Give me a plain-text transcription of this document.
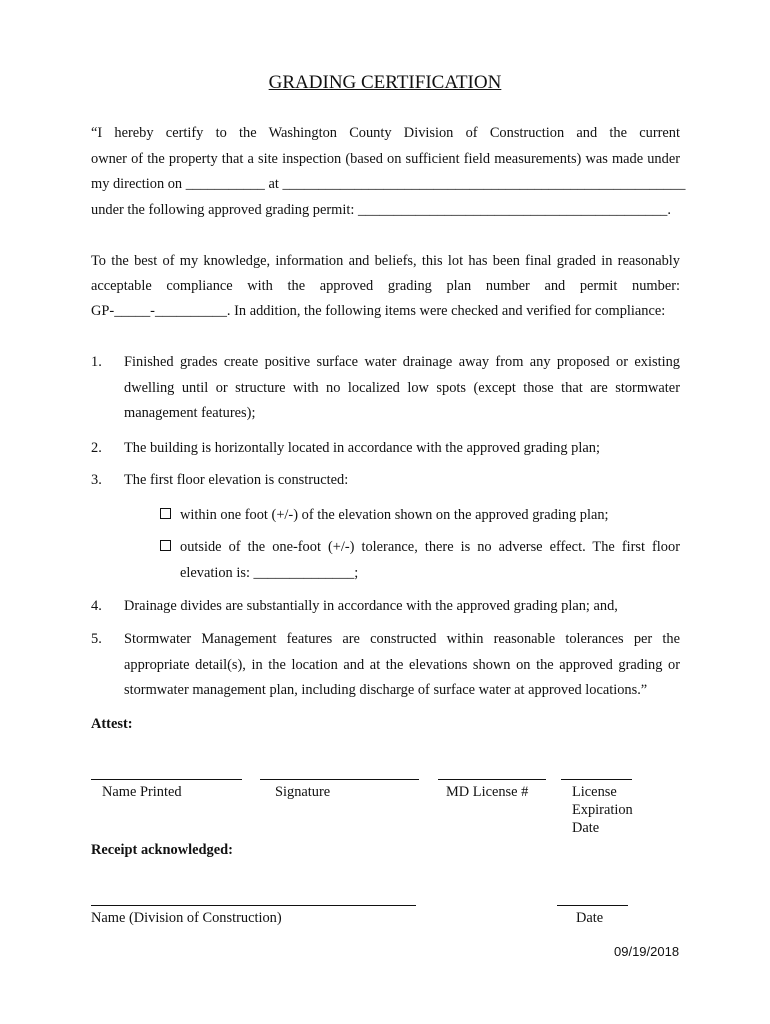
GRADING CERTIFICATION
“I hereby certify to the Washington County Division of Construction and the current
owner of the property that a site inspection (based on sufficient field measurements) was made under
my direction on ___________ at ________________________________________________________
under the following approved grading permit: ___________________________________________.
To the best of my knowledge, information and beliefs, this lot has been final graded in reasonably
acceptable compliance with the approved grading plan number and permit number:
GP-_____-__________. In addition, the following items were checked and verified for compliance:
1. Finished grades create positive surface water drainage away from any proposed or existing
dwelling until or structure with no localized low spots (except those that are stormwater
management features);
2. The building is horizontally located in accordance with the approved grading plan;
3. The first floor elevation is constructed:
within one foot (+/-) of the elevation shown on the approved grading plan;
outside of the one-foot (+/-) tolerance, there is no adverse effect. The first floor
elevation is: ______________;
4. Drainage divides are substantially in accordance with the approved grading plan; and,
5. Stormwater Management features are constructed within reasonable tolerances per the
appropriate detail(s), in the location and at the elevations shown on the approved grading or
stormwater management plan, including discharge of surface water at approved locations.”
Attest:
Name Printed	Signature	MD License #	License
Expiration
Date
Receipt acknowledged:
Name (Division of Construction)	Date
09/19/2018
